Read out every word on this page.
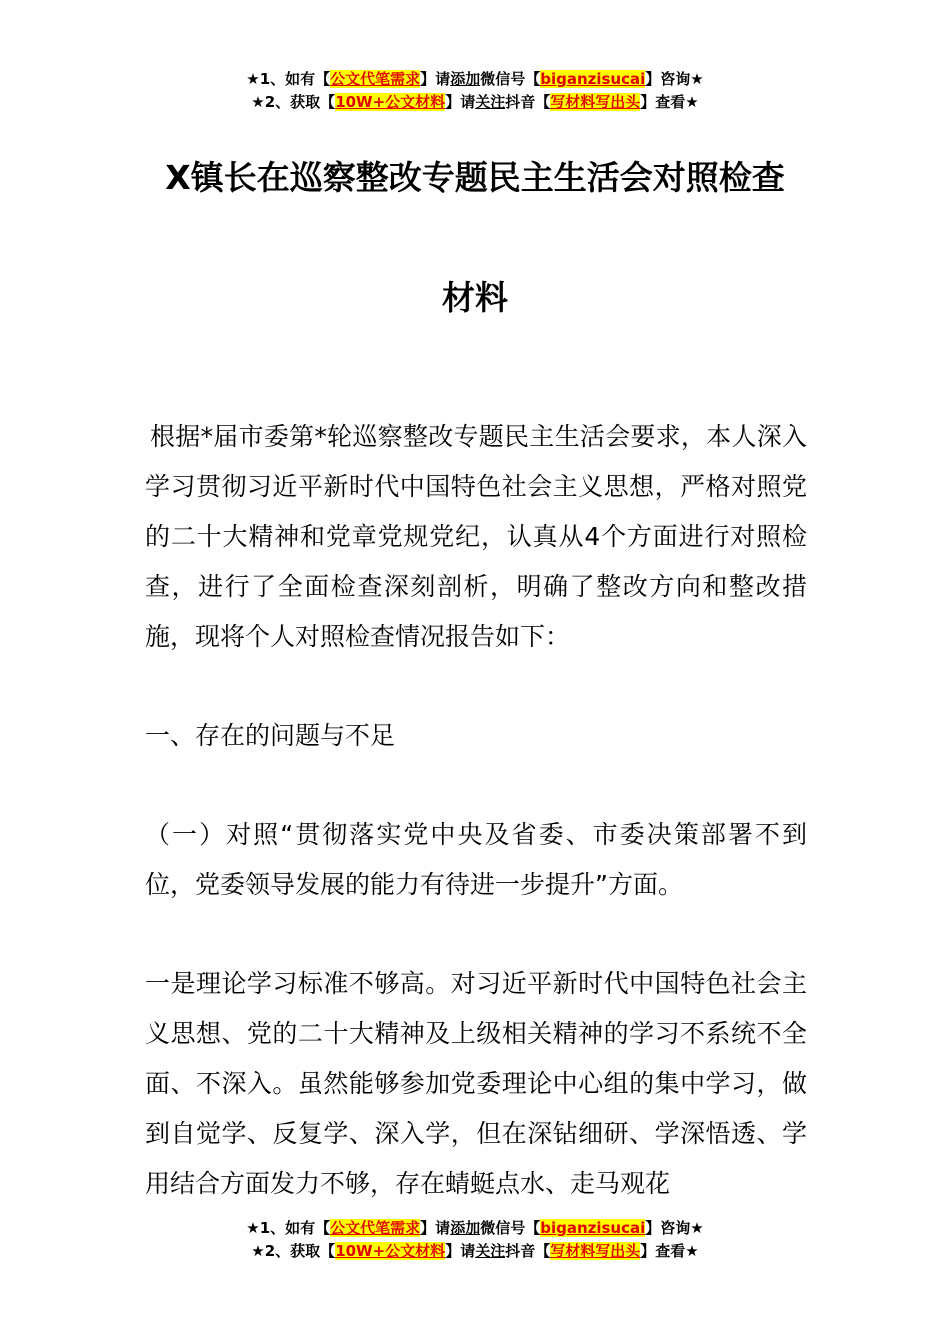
★1、如有【公文代笔需求】请添加微信号【biganzisucai】咨询★
★2、获取【10W+公文材料】请关注抖音【写材料写出头】查看★
X镇长在巡察整改专题民主生活会对照检查
材料

根据*届市委第*轮巡察整改专题民主生活会要求，本人深入学习贯彻习近平新时代中国特色社会主义思想，严格对照党的二十大精神和党章党规党纪，认真从4个方面进行对照检查，进行了全面检查深刻剖析，明确了整改方向和整改措施，现将个人对照检查情况报告如下：

一、存在的问题与不足

（一）对照“贯彻落实党中央及省委、市委决策部署不到位，党委领导发展的能力有待进一步提升”方面。

一是理论学习标准不够高。对习近平新时代中国特色社会主义思想、党的二十大精神及上级相关精神的学习不系统不全面、不深入。虽然能够参加党委理论中心组的集中学习，做到自觉学、反复学、深入学，但在深钻细研、学深悟透、学用结合方面发力不够，存在蜻蜓点水、走马观花

★1、如有【公文代笔需求】请添加微信号【biganzisucai】咨询★
★2、获取【10W+公文材料】请关注抖音【写材料写出头】查看★
